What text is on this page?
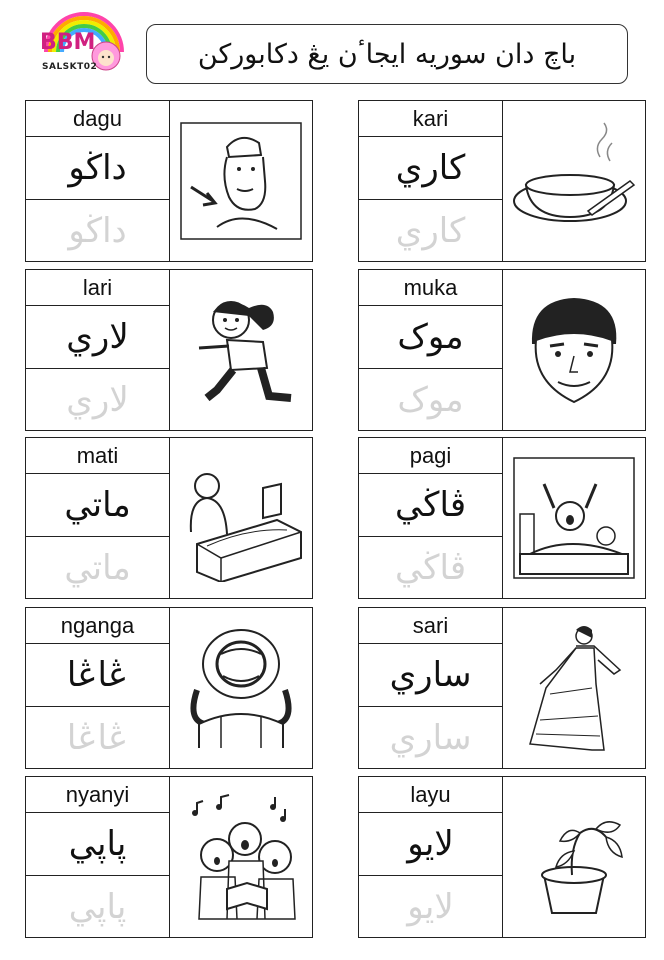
BBM
SALSKT02	باچ دان سوريه ايجاٴن يڠ دكابوركن
dagu
داڬو
داڬو
kari
كاري
كاري
lari
لاري
لاري
muka
موک
موک
mati
ماتي
ماتي
pagi
ڤاڬي
ڤاڬي
nganga
ڠاڠا
ڠاڠا
sari
ساري
ساري
nyanyi
ڽاڽي
ڽاڽي
layu
لايو
لايو
